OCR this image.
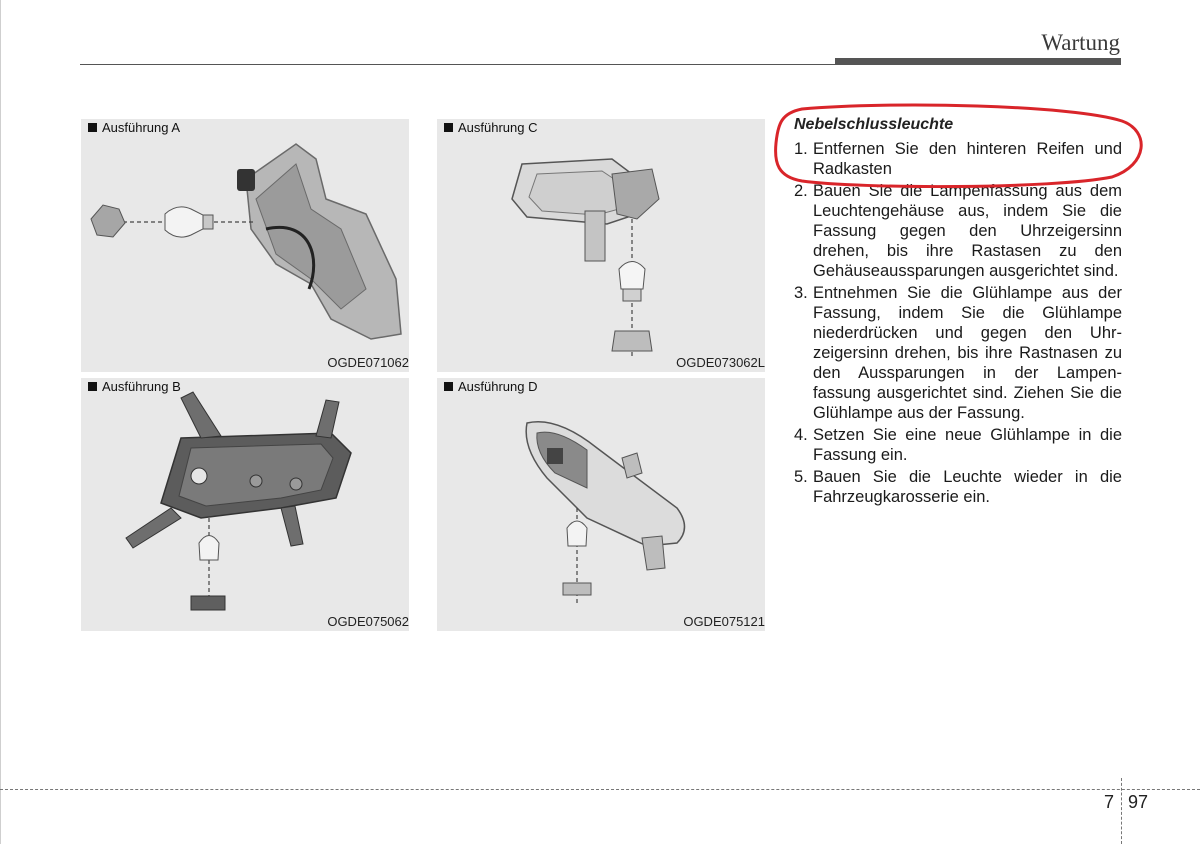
Wartung
Ausführung A
OGDE071062
Ausführung C
OGDE073062L
Ausführung B
OGDE075062
Ausführung D
OGDE075121
Nebelschlussleuchte
1. Entfernen Sie den hinteren Reifen und Radkasten
2. Bauen Sie die Lampenfassung aus dem Leuchtengehäuse aus, indem Sie die Fassung gegen den Uhrzeigersinn drehen, bis ihre Rastasen zu den Gehäuseaussparungen ausgerichtet sind.
3. Entnehmen Sie die Glühlampe aus der Fassung, indem Sie die Glühlampe niederdrücken und gegen den Uhr-zeigersinn drehen, bis ihre Rastnasen zu den Aussparungen in der Lampen-fassung ausgerichtet sind. Ziehen Sie die Glühlampe aus der Fassung.
4. Setzen Sie eine neue Glühlampe in die Fassung ein.
5. Bauen Sie die Leuchte wieder in die Fahrzeugkarosserie ein.
7 97
